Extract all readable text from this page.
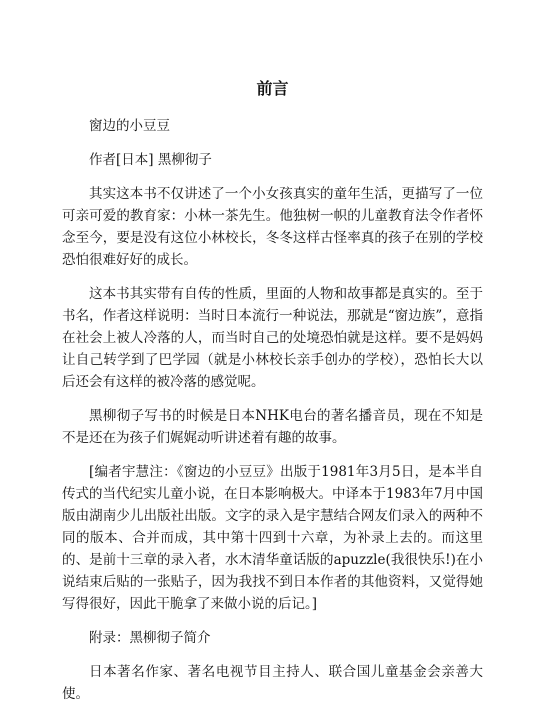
前言

窗边的小豆豆

作者[日本] 黑柳彻子

其实这本书不仅讲述了一个小女孩真实的童年生活，更描写了一位可亲可爱的教育家：小林一茶先生。他独树一帜的儿童教育法令作者怀念至今，要是没有这位小林校长，冬冬这样古怪率真的孩子在别的学校恐怕很难好好的成长。

这本书其实带有自传的性质，里面的人物和故事都是真实的。至于书名，作者这样说明：当时日本流行一种说法，那就是“窗边族”，意指在社会上被人冷落的人，而当时自己的处境恐怕就是这样。要不是妈妈让自己转学到了巴学园（就是小林校长亲手创办的学校），恐怕长大以后还会有这样的被冷落的感觉呢。

黑柳彻子写书的时候是日本NHK电台的著名播音员，现在不知是不是还在为孩子们娓娓动听讲述着有趣的故事。

[编者宇慧注：《窗边的小豆豆》出版于1981年3月5日，是本半自传式的当代纪实儿童小说，在日本影响极大。中译本于1983年7月中国版由湖南少儿出版社出版。文字的录入是宇慧结合网友们录入的两种不同的版本、合并而成，其中第十四到十六章，为补录上去的。而这里的、是前十三章的录入者，水木清华童话版的apuzzle(我很快乐!)在小说结束后贴的一张贴子，因为我找不到日本作者的其他资料，又觉得她写得很好，因此干脆拿了来做小说的后记。]

附录：黑柳彻子简介

日本著名作家、著名电视节目主持人、联合国儿童基金会亲善大使。
